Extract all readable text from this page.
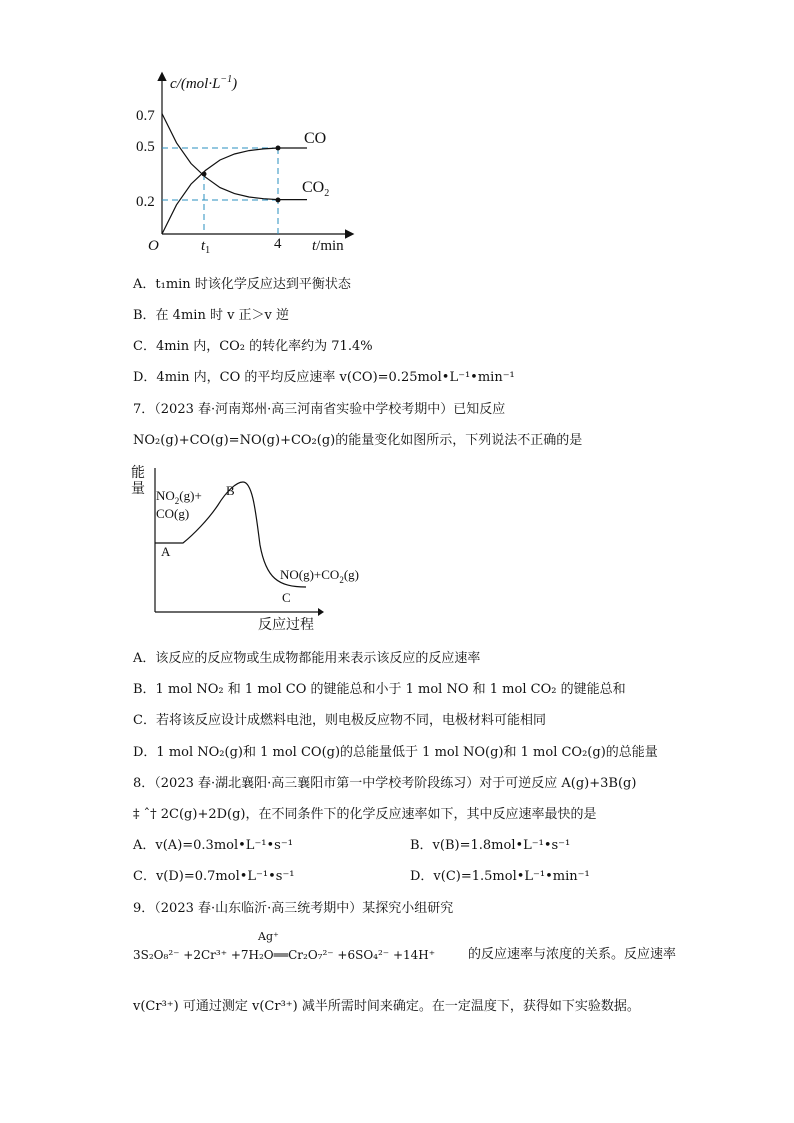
$c/(mol\cdot L^{-1})$
O	t/min
0.7
0.5
0.2
$t_1$	4
CO
$CO_2$
A．t₁min 时该化学反应达到平衡状态
B．在 4min 时 v 正＞v 逆
C．4min 内，CO₂ 的转化率约为 71.4%
D．4min 内，CO 的平均反应速率 v(CO)=0.25mol•L⁻¹•min⁻¹
7．（2023 春·河南郑州·高三河南省实验中学校考期中）已知反应
NO₂(g)+CO(g)=NO(g)+CO₂(g)的能量变化如图所示，下列说法不正确的是
能
量 $NO_2(g)+$
CO(g)
A
B
$NO(g)+CO_2(g)$
C
反应过程
A．该反应的反应物或生成物都能用来表示该反应的反应速率
B．1 mol NO₂ 和 1 mol CO 的键能总和小于 1 mol NO 和 1 mol CO₂ 的键能总和
C．若将该反应设计成燃料电池，则电极反应物不同，电极材料可能相同
D．1 mol NO₂(g)和 1 mol CO(g)的总能量低于 1 mol NO(g)和 1 mol CO₂(g)的总能量
8．（2023 春·湖北襄阳·高三襄阳市第一中学校考阶段练习）对于可逆反应 A(g)+3B(g)
‡ ˆ† 2C(g)+2D(g)，在不同条件下的化学反应速率如下，其中反应速率最快的是
A．v(A)=0.3mol•L⁻¹•s⁻¹	B．v(B)=1.8mol•L⁻¹•s⁻¹
C．v(D)=0.7mol•L⁻¹•s⁻¹	D．v(C)=1.5mol•L⁻¹•min⁻¹
9．（2023 春·山东临沂·高三统考期中）某探究小组研究
Ag⁺
3S₂O₈²⁻ +2Cr³⁺ +7H₂O══Cr₂O₇²⁻ +6SO₄²⁻ +14H⁺	的反应速率与浓度的关系。反应速率
v(Cr³⁺) 可通过测定 v(Cr³⁺) 减半所需时间来确定。在一定温度下，获得如下实验数据。
